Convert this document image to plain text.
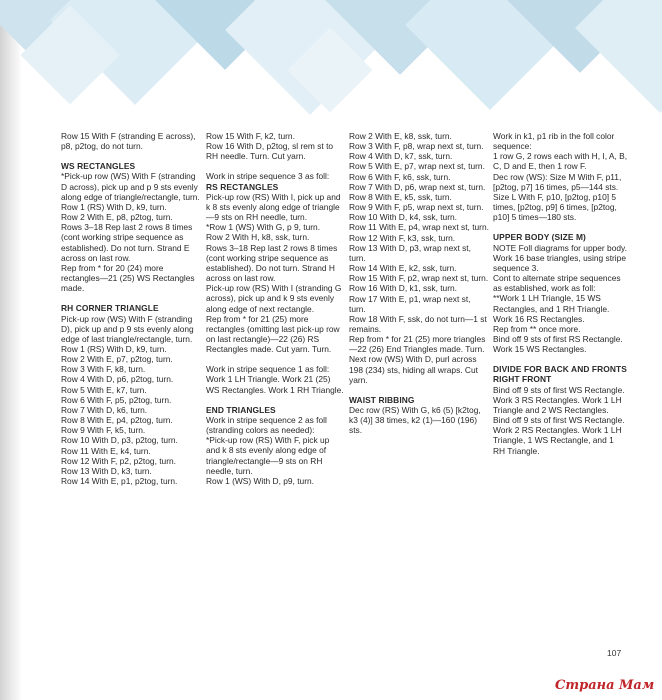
Row 15 With F (stranding E across), p8, p2tog, do not turn.

WS RECTANGLES

*Pick-up row (WS) With F (stranding D across), pick up and p 9 sts evenly along edge of triangle/rectangle, turn.

Row 1 (RS) With D, k9, turn.

Row 2 With E, p8, p2tog, turn.

Rows 3–18 Rep last 2 rows 8 times (cont working stripe sequence as established). Do not turn. Strand E across on last row.

Rep from * for 20 (24) more rectangles—21 (25) WS Rectangles made.

RH CORNER TRIANGLE

Pick-up row (WS) With F (stranding D), pick up and p 9 sts evenly along edge of last triangle/rectangle, turn.

Row 1 (RS) With D, k9, turn.

Row 2 With E, p7, p2tog, turn.

Row 3 With F, k8, turn.

Row 4 With D, p6, p2tog, turn.

Row 5 With E, k7, turn.

Row 6 With F, p5, p2tog, turn.

Row 7 With D, k6, turn.

Row 8 With E, p4, p2tog, turn.

Row 9 With F, k5, turn.

Row 10 With D, p3, p2tog, turn.

Row 11 With E, k4, turn.

Row 12 With F, p2, p2tog, turn.

Row 13 With D, k3, turn.

Row 14 With E, p1, p2tog, turn.

Row 15 With F, k2, turn.

Row 16 With D, p2tog, sl rem st to RH needle. Turn. Cut yarn.

Work in stripe sequence 3 as foll:

RS RECTANGLES

Pick-up row (RS) With I, pick up and k 8 sts evenly along edge of triangle—9 sts on RH needle, turn.

*Row 1 (WS) With G, p 9, turn.

Row 2 With H, k8, ssk, turn.

Rows 3–18 Rep last 2 rows 8 times (cont working stripe sequence as established). Do not turn. Strand H across on last row.

Pick-up row (RS) With I (stranding G across), pick up and k 9 sts evenly along edge of next rectangle.

Rep from * for 21 (25) more rectangles (omitting last pick-up row on last rectangle)—22 (26) RS Rectangles made. Cut yarn. Turn.

Work in stripe sequence 1 as foll: Work 1 LH Triangle. Work 21 (25) WS Rectangles. Work 1 RH Triangle.

END TRIANGLES

Work in stripe sequence 2 as foll (stranding colors as needed):

*Pick-up row (RS) With F, pick up and k 8 sts evenly along edge of triangle/rectangle—9 sts on RH needle, turn.

Row 1 (WS) With D, p9, turn.

Row 2 With E, k8, ssk, turn.

Row 3 With F, p8, wrap next st, turn.

Row 4 With D, k7, ssk, turn.

Row 5 With E, p7, wrap next st, turn.

Row 6 With F, k6, ssk, turn.

Row 7 With D, p6, wrap next st, turn.

Row 8 With E, k5, ssk, turn.

Row 9 With F, p5, wrap next st, turn.

Row 10 With D, k4, ssk, turn.

Row 11 With E, p4, wrap next st, turn.

Row 12 With F, k3, ssk, turn.

Row 13 With D, p3, wrap next st, turn.

Row 14 With E, k2, ssk, turn.

Row 15 With F, p2, wrap next st, turn.

Row 16 With D, k1, ssk, turn.

Row 17 With E, p1, wrap next st, turn.

Row 18 With F, ssk, do not turn—1 st remains.

Rep from * for 21 (25) more triangles—22 (26) End Triangles made. Turn.

Next row (WS) With D, purl across 198 (234) sts, hiding all wraps. Cut yarn.

WAIST RIBBING

Dec row (RS) With G, k6 (5) [k2tog, k3 (4)] 38 times, k2 (1)—160 (196) sts.

Work in k1, p1 rib in the foll color sequence:

1 row G, 2 rows each with H, I, A, B, C, D and E, then 1 row F.

Dec row (WS): Size M With F, p11, [p2tog, p7] 16 times, p5—144 sts.

Size L With F, p10, [p2tog, p10] 5 times, [p2tog, p9] 6 times, [p2tog, p10] 5 times—180 sts.

UPPER BODY (SIZE M)

NOTE Foll diagrams for upper body.

Work 16 base triangles, using stripe sequence 3.

Cont to alternate stripe sequences as established, work as foll:

**Work 1 LH Triangle, 15 WS Rectangles, and 1 RH Triangle.

Work 16 RS Rectangles.

Rep from ** once more.

Bind off 9 sts of first RS Rectangle. Work 15 WS Rectangles.

DIVIDE FOR BACK AND FRONTS

RIGHT FRONT

Bind off 9 sts of first WS Rectangle. Work 3 RS Rectangles. Work 1 LH Triangle and 2 WS Rectangles.

Bind off 9 sts of first WS Rectangle. Work 2 RS Rectangles. Work 1 LH Triangle, 1 WS Rectangle, and 1 RH Triangle.

107
Страна Мам
